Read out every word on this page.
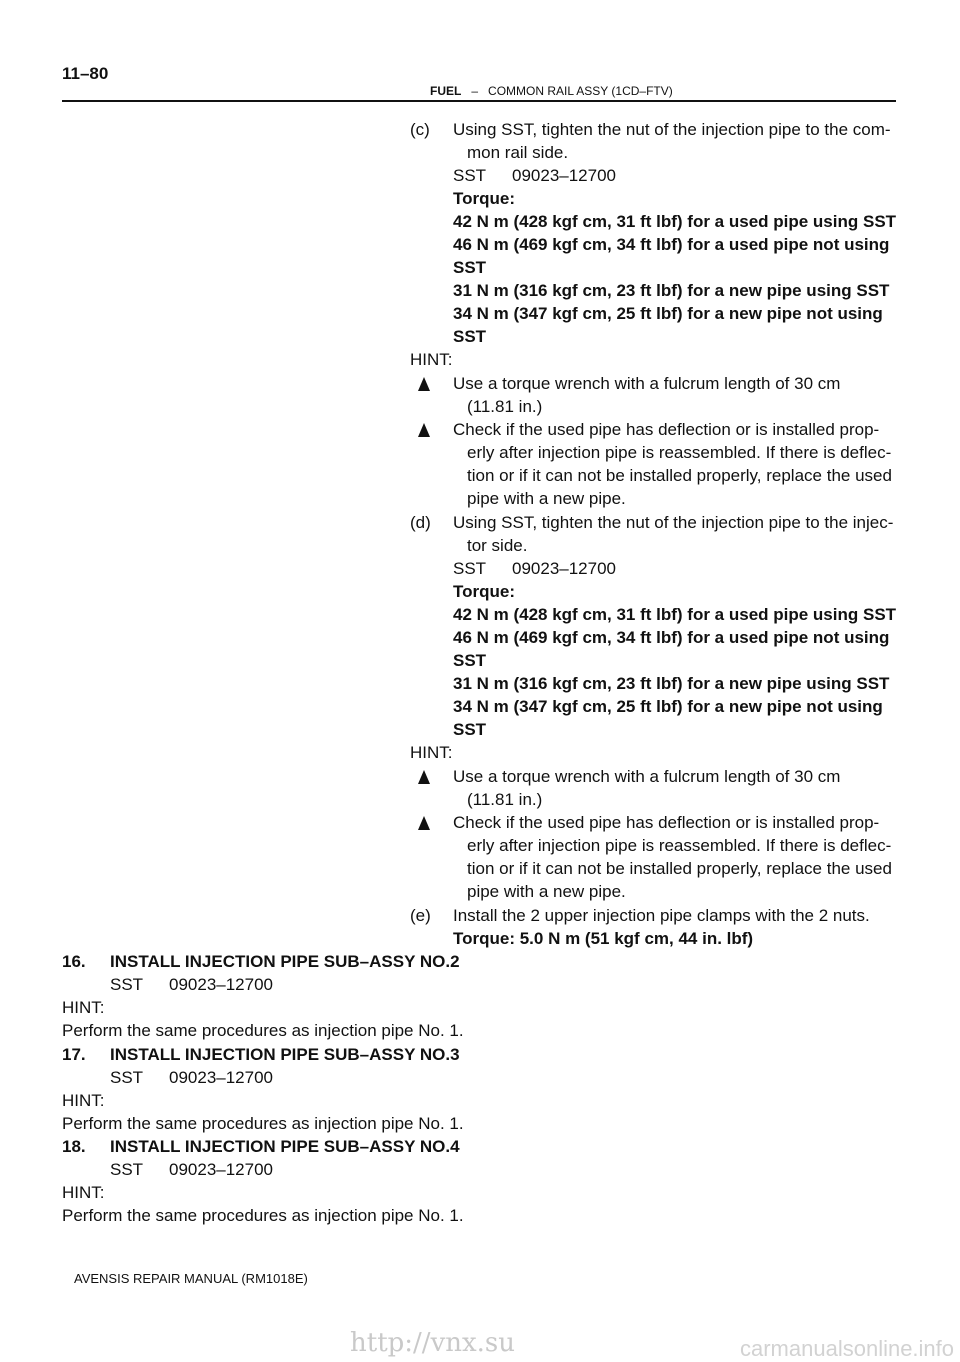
11–80
FUEL – COMMON RAIL ASSY (1CD–FTV)
(c) Using SST, tighten the nut of the injection pipe to the com-
mon rail side.
SST 09023–12700
Torque:
42 N m (428 kgf cm, 31 ft lbf) for a used pipe using SST
46 N m (469 kgf cm, 34 ft lbf) for a used pipe not using
SST
31 N m (316 kgf cm, 23 ft lbf) for a new pipe using SST
34 N m (347 kgf cm, 25 ft lbf) for a new pipe not using
SST
HINT:
Use a torque wrench with a fulcrum length of 30 cm
(11.81 in.)
Check if the used pipe has deflection or is installed prop-
erly after injection pipe is reassembled. If there is deflec-
tion or if it can not be installed properly, replace the used
pipe with a new pipe.
(d) Using SST, tighten the nut of the injection pipe to the injec-
tor side.
SST 09023–12700
Torque:
42 N m (428 kgf cm, 31 ft lbf) for a used pipe using SST
46 N m (469 kgf cm, 34 ft lbf) for a used pipe not using
SST
31 N m (316 kgf cm, 23 ft lbf) for a new pipe using SST
34 N m (347 kgf cm, 25 ft lbf) for a new pipe not using
SST
HINT:
Use a torque wrench with a fulcrum length of 30 cm
(11.81 in.)
Check if the used pipe has deflection or is installed prop-
erly after injection pipe is reassembled. If there is deflec-
tion or if it can not be installed properly, replace the used
pipe with a new pipe.
(e) Install the 2 upper injection pipe clamps with the 2 nuts.
Torque: 5.0 N m (51 kgf cm, 44 in. lbf)
16. INSTALL INJECTION PIPE SUB–ASSY NO.2
SST 09023–12700
HINT:
Perform the same procedures as injection pipe No. 1.
17. INSTALL INJECTION PIPE SUB–ASSY NO.3
SST 09023–12700
HINT:
Perform the same procedures as injection pipe No. 1.
18. INSTALL INJECTION PIPE SUB–ASSY NO.4
SST 09023–12700
HINT:
Perform the same procedures as injection pipe No. 1.
AVENSIS REPAIR MANUAL (RM1018E)
http://vnx.su	carmanualsonline.info
